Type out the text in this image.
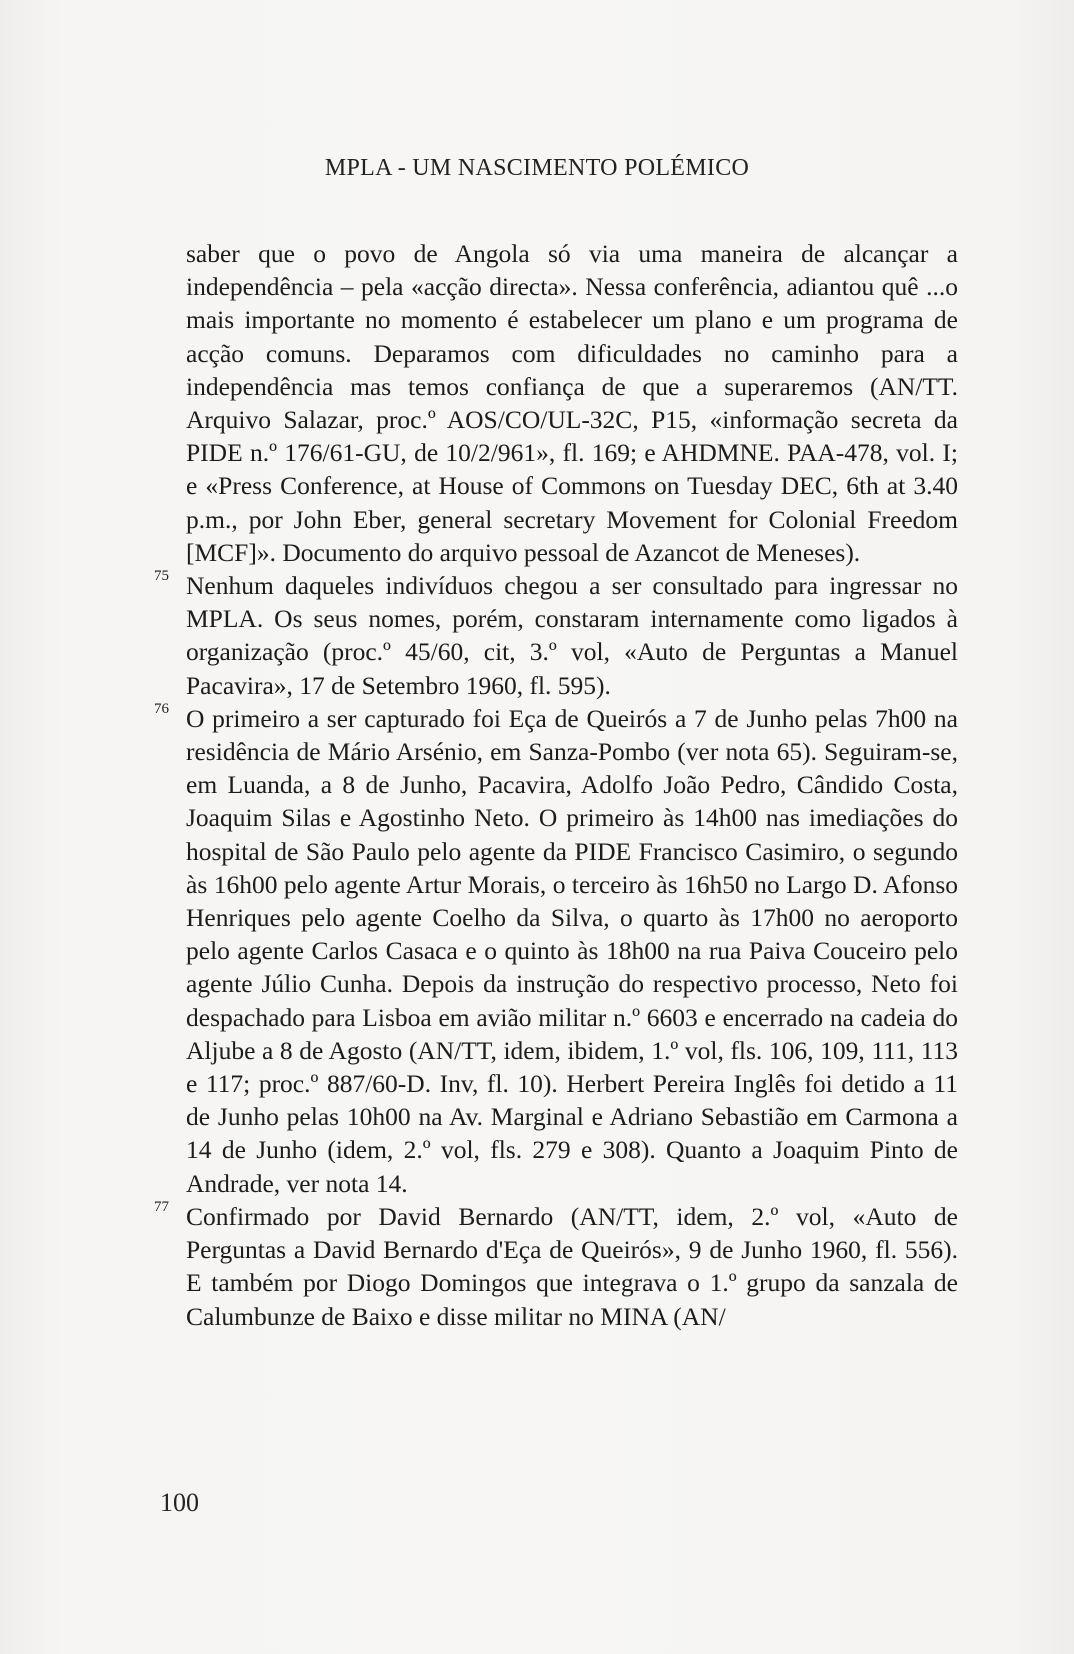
MPLA - UM NASCIMENTO POLÉMICO

saber que o povo de Angola só via uma maneira de alcançar a independência – pela «acção directa». Nessa conferência, adiantou quê ...o mais importante no momento é estabelecer um plano e um programa de acção comuns. Deparamos com dificuldades no caminho para a independência mas temos confiança de que a superaremos (AN/TT. Arquivo Salazar, proc.º AOS/CO/UL-32C, P15, «informação secreta da PIDE n.º 176/61-GU, de 10/2/961», fl. 169; e AHDMNE. PAA-478, vol. I; e «Press Conference, at House of Commons on Tuesday DEC, 6th at 3.40 p.m., por John Eber, general secretary Movement for Colonial Freedom [MCF]». Documento do arquivo pessoal de Azancot de Meneses).

75 Nenhum daqueles indivíduos chegou a ser consultado para ingressar no MPLA. Os seus nomes, porém, constaram internamente como ligados à organização (proc.º 45/60, cit, 3.º vol, «Auto de Perguntas a Manuel Pacavira», 17 de Setembro 1960, fl. 595).

76 O primeiro a ser capturado foi Eça de Queirós a 7 de Junho pelas 7h00 na residência de Mário Arsénio, em Sanza-Pombo (ver nota 65). Seguiram-se, em Luanda, a 8 de Junho, Pacavira, Adolfo João Pedro, Cândido Costa, Joaquim Silas e Agostinho Neto. O primeiro às 14h00 nas imediações do hospital de São Paulo pelo agente da PIDE Francisco Casimiro, o segundo às 16h00 pelo agente Artur Morais, o terceiro às 16h50 no Largo D. Afonso Henriques pelo agente Coelho da Silva, o quarto às 17h00 no aeroporto pelo agente Carlos Casaca e o quinto às 18h00 na rua Paiva Couceiro pelo agente Júlio Cunha. Depois da instrução do respectivo processo, Neto foi despachado para Lisboa em avião militar n.º 6603 e encerrado na cadeia do Aljube a 8 de Agosto (AN/TT, idem, ibidem, 1.º vol, fls. 106, 109, 111, 113 e 117; proc.º 887/60-D. Inv, fl. 10). Herbert Pereira Inglês foi detido a 11 de Junho pelas 10h00 na Av. Marginal e Adriano Sebastião em Carmona a 14 de Junho (idem, 2.º vol, fls. 279 e 308). Quanto a Joaquim Pinto de Andrade, ver nota 14.

77 Confirmado por David Bernardo (AN/TT, idem, 2.º vol, «Auto de Perguntas a David Bernardo d'Eça de Queirós», 9 de Junho 1960, fl. 556). E também por Diogo Domingos que integrava o 1.º grupo da sanzala de Calumbunze de Baixo e disse militar no MINA (AN/

100
